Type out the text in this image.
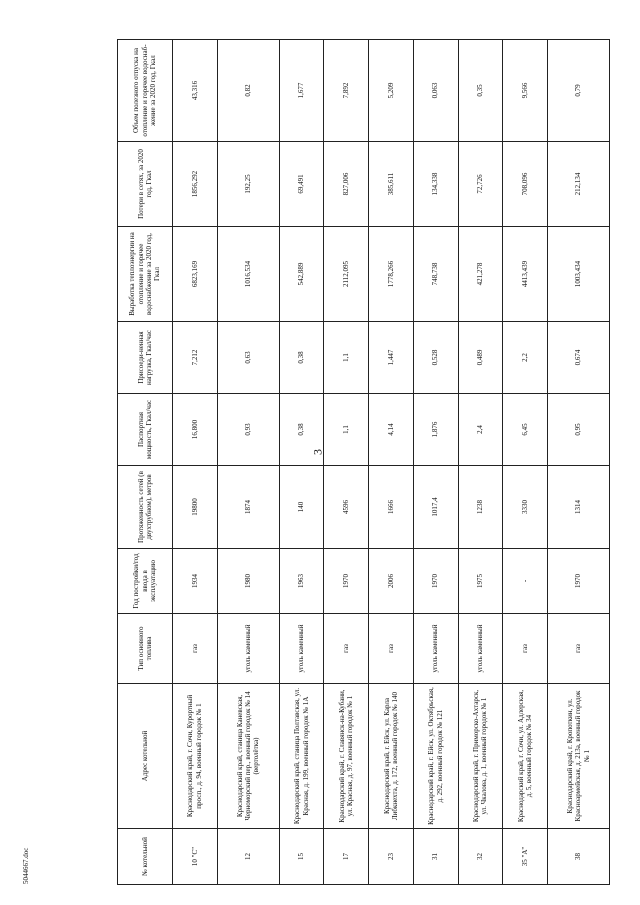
3
№ котельной	Адрес котельной	Тип основного топлива	Год постройки/год ввода в эксплуатацию	Протяженность сетей (в двухтрубном), метров	Паспортная мощность, Гкал/час	Присоеди-ненная нагрузка, Гкал/час	Выработка теплоэнергии на отопление и горячее водоснабжение за 2020 год, Гкал	Потери в сетях, за 2020 год, Гкал	Объем полезного отпуска на отопление и горячее водоснаб-жение за 2020 год, Гкал
10 "С"	Краснодарский край, г. Сочи, Курортный просп., д. 94, военный городок № 1	газ	1934	19800	16,800	7,212	6823,169	1856,292	43,316
12	Краснодарский край, станица Каневская, Черноморский пер., военный городок № 14 (вертолётка)	уголь каменный	1980	1874	0,93	0,63	1016,534	192,25	0,82
15	Краснодарский край, станица Полтавская, ул. Красная, д. 199, военный городок № 1А	уголь каменный	1963	140	0,38	0,38	542,889	69,491	1,677
17	Краснодарский край, г. Славянск-на-Кубани, ул. Красная, д. 97, военный городок № 1	газ	1970	4596	1,1	1,1	2112,095	827,006	7,892
23	Краснодарский край, г. Ейск, ул. Карла Либкнехта, д. 172, военный городок № 140	газ	2006	1666	4,14	1,447	1778,266	385,611	5,209
31	Краснодарский край, г. Ейск, ул. Октябрьская, д. 292, военный городок № 121	уголь каменный	1970	1017,4	1,876	0,528	748,738	134,338	0,063
32	Краснодарский край, г. Приморско-Ахтарск, ул. Чкалова, д. 1, военный городок № 1	уголь каменный	1975	1238	2,4	0,489	421,278	72,726	0,35
35 "А"	Краснодарский край, г. Сочи, ул. Адлерская, д. 5, военный городок № 34	газ	-	3330	6,45	2,2	4413,439	708,096	9,566
38	Краснодарский край, г. Кропоткин, ул. Красноармейская, д. 213а, военный городок № 1	газ	1970	1314	0,95	0,674	1003,434	212,134	0,79
5044667.doc
